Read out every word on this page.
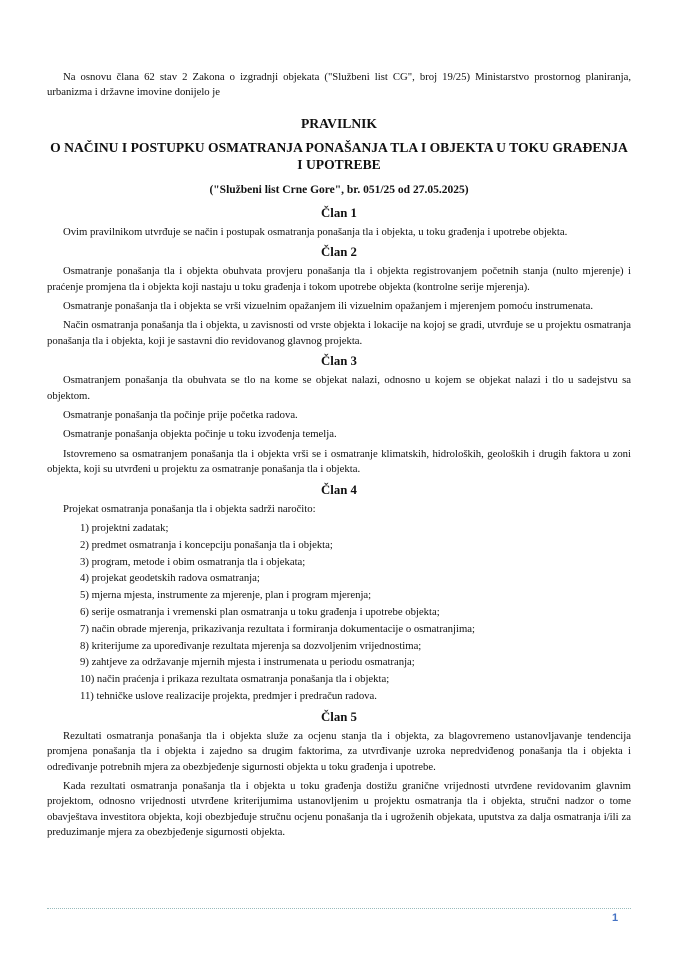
Na osnovu člana 62 stav 2 Zakona o izgradnji objekata ("Službeni list CG", broj 19/25) Ministarstvo prostornog planiranja, urbanizma i državne imovine donijelo je

PRAVILNIK
O NAČINU I POSTUPKU OSMATRANJA PONAŠANJA TLA I OBJEKTA U TOKU GRAĐENJA I UPOTREBE
("Službeni list Crne Gore", br. 051/25 od 27.05.2025)
Član 1

Ovim pravilnikom utvrđuje se način i postupak osmatranja ponašanja tla i objekta, u toku građenja i upotrebe objekta.

Član 2

Osmatranje ponašanja tla i objekta obuhvata provjeru ponašanja tla i objekta registrovanjem početnih stanja (nulto mjerenje) i praćenje promjena tla i objekta koji nastaju u toku građenja i tokom upotrebe objekta (kontrolne serije mjerenja).

Osmatranje ponašanja tla i objekta se vrši vizuelnim opažanjem ili vizuelnim opažanjem i mjerenjem pomoću instrumenata.

Način osmatranja ponašanja tla i objekta, u zavisnosti od vrste objekta i lokacije na kojoj se gradi, utvrđuje se u projektu osmatranja ponašanja tla i objekta, koji je sastavni dio revidovanog glavnog projekta.

Član 3

Osmatranjem ponašanja tla obuhvata se tlo na kome se objekat nalazi, odnosno u kojem se objekat nalazi i tlo u sadejstvu sa objektom.

Osmatranje ponašanja tla počinje prije početka radova.

Osmatranje ponašanja objekta počinje u toku izvođenja temelja.

Istovremeno sa osmatranjem ponašanja tla i objekta vrši se i osmatranje klimatskih, hidroloških, geoloških i drugih faktora u zoni objekta, koji su utvrđeni u projektu za osmatranje ponašanja tla i objekta.

Član 4

Projekat osmatranja ponašanja tla i objekta sadrži naročito:

1) projektni zadatak;
2) predmet osmatranja i koncepciju ponašanja tla i objekta;
3) program, metode i obim osmatranja tla i objekata;
4) projekat geodetskih radova osmatranja;
5) mjerna mjesta, instrumente za mjerenje, plan i program mjerenja;
6) serije osmatranja i vremenski plan osmatranja u toku građenja i upotrebe objekta;
7) način obrade mjerenja, prikazivanja rezultata i formiranja dokumentacije o osmatranjima;
8) kriterijume za upoređivanje rezultata mjerenja sa dozvoljenim vrijednostima;
9) zahtjeve za održavanje mjernih mjesta i instrumenata u periodu osmatranja;
10) način praćenja i prikaza rezultata osmatranja ponašanja tla i objekta;
11) tehničke uslove realizacije projekta, predmjer i predračun radova.
Član 5

Rezultati osmatranja ponašanja tla i objekta služe za ocjenu stanja tla i objekta, za blagovremeno ustanovljavanje tendencija promjena ponašanja tla i objekta i zajedno sa drugim faktorima, za utvrđivanje uzroka nepredviđenog ponašanja tla i objekta i određivanje potrebnih mjera za obezbjeđenje sigurnosti objekta u toku građenja i upotrebe.

Kada rezultati osmatranja ponašanja tla i objekta u toku građenja dostižu granične vrijednosti utvrđene revidovanim glavnim projektom, odnosno vrijednosti utvrđene kriterijumima ustanovljenim u projektu osmatranja tla i objekta, stručni nadzor o tome obavještava investitora objekta, koji obezbjeđuje stručnu ocjenu ponašanja tla i ugroženih objekata, uputstva za dalja osmatranja i/ili za preduzimanje mjera za obezbjeđenje sigurnosti objekta.

1
